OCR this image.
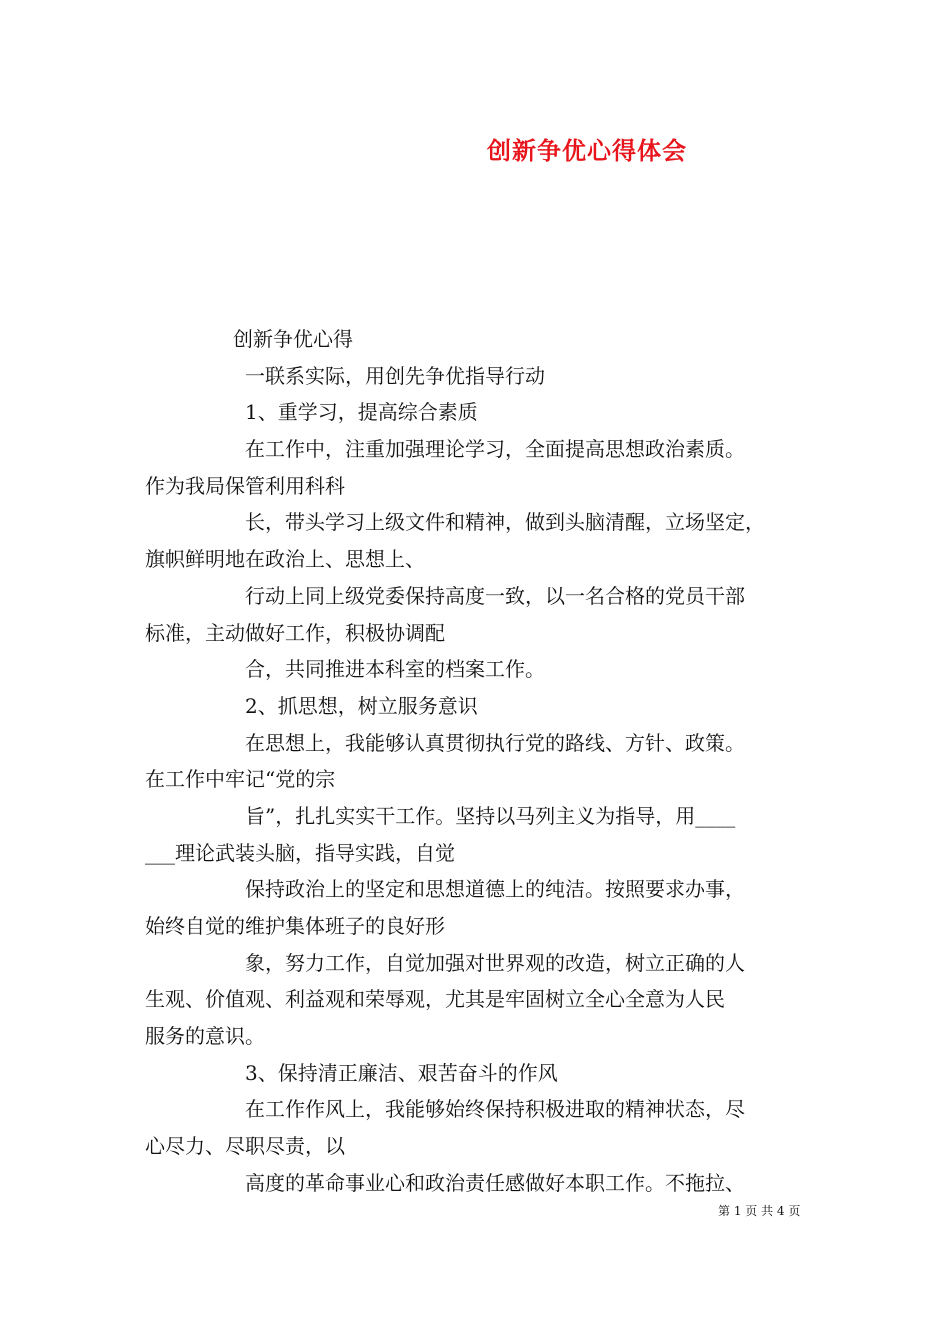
创新争优心得体会
创新争优心得
一联系实际，用创先争优指导行动
1、重学习，提高综合素质
在工作中，注重加强理论学习，全面提高思想政治素质。
作为我局保管利用科科
长，带头学习上级文件和精神，做到头脑清醒，立场坚定，
旗帜鲜明地在政治上、思想上、
行动上同上级党委保持高度一致，以一名合格的党员干部
标准，主动做好工作，积极协调配
合，共同推进本科室的档案工作。
2、抓思想，树立服务意识
在思想上，我能够认真贯彻执行党的路线、方针、政策。
在工作中牢记“党的宗
旨”，扎扎实实干工作。坚持以马列主义为指导，用____
___理论武装头脑，指导实践，自觉
保持政治上的坚定和思想道德上的纯洁。按照要求办事，
始终自觉的维护集体班子的良好形
象，努力工作，自觉加强对世界观的改造，树立正确的人
生观、价值观、利益观和荣辱观，尤其是牢固树立全心全意为人民
服务的意识。
3、保持清正廉洁、艰苦奋斗的作风
在工作作风上，我能够始终保持积极进取的精神状态，尽
心尽力、尽职尽责，以
高度的革命事业心和政治责任感做好本职工作。不拖拉、
第 1 页 共 4 页
